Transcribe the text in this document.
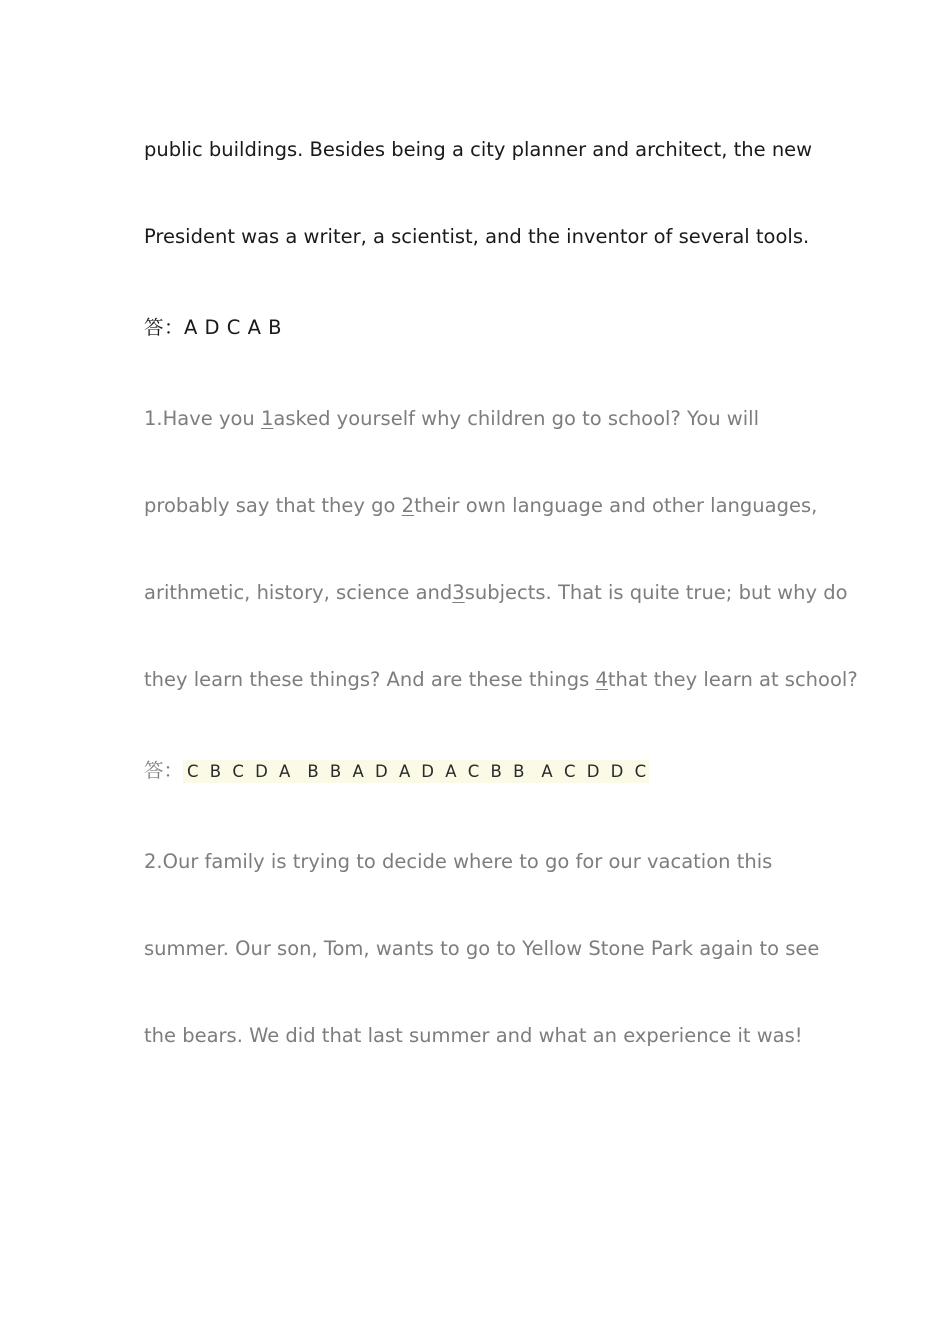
public buildings. Besides being a city planner and architect, the new
President was a writer, a scientist, and the inventor of several tools.
答：A D C A B
1.Have you 1asked yourself why children go to school? You will
probably say that they go 2their own language and other languages,
arithmetic, history, science and3subjects. That is quite true; but why do
they learn these things? And are these things 4that they learn at school?
答： C B C D A B B A D A D A C B B A C D D C
2.Our family is trying to decide where to go for our vacation this
summer. Our son, Tom, wants to go to Yellow Stone Park again to see
the bears. We did that last summer and what an experience it was!
